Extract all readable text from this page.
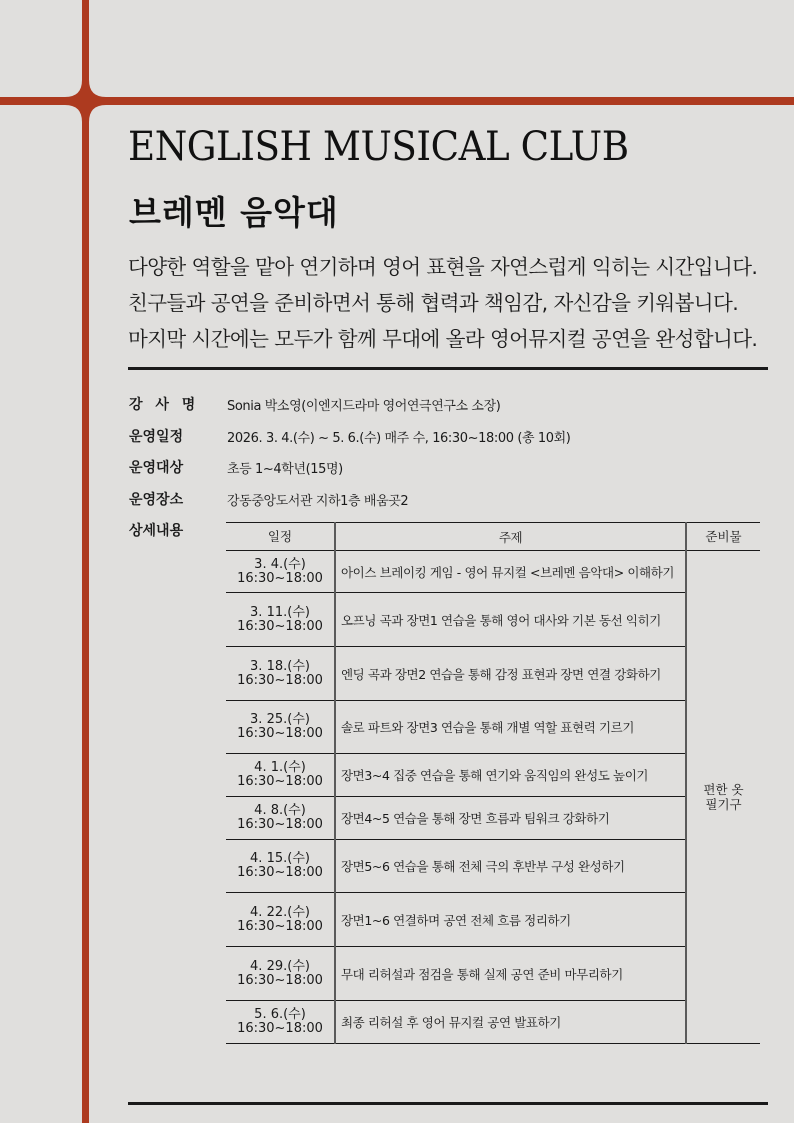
ENGLISH MUSICAL CLUB
브레멘 음악대

다양한 역할을 맡아 연기하며 영어 표현을 자연스럽게 익히는 시간입니다.

친구들과 공연을 준비하면서 통해 협력과 책임감, 자신감을 키워봅니다.

마지막 시간에는 모두가 함께 무대에 올라 영어뮤지컬 공연을 완성합니다.

강 사 명	Sonia 박소영(이엔지드라마 영어연극연구소 소장)
운영일정	2026. 3. 4.(수) ~ 5. 6.(수) 매주 수, 16:30~18:00 (총 10회)
운영대상	초등 1~4학년(15명)
운영장소	강동중앙도서관 지하1층 배움곳2
상세내용	일정	주제	준비물

3. 4.(수)
16:30~18:00	아이스 브레이킹 게임 - 영어 뮤지컬 <브레멘 음악대> 이해하기	편한 옷
필기구

3. 11.(수)
16:30~18:00	오프닝 곡과 장면1 연습을 통해 영어 대사와 기본 동선 익히기	

3. 18.(수)
16:30~18:00	엔딩 곡과 장면2 연습을 통해 감정 표현과 장면 연결 강화하기	

3. 25.(수)
16:30~18:00	솔로 파트와 장면3 연습을 통해 개별 역할 표현력 기르기	

4. 1.(수)
16:30~18:00	장면3~4 집중 연습을 통해 연기와 움직임의 완성도 높이기	

4. 8.(수)
16:30~18:00	장면4~5 연습을 통해 장면 흐름과 팀워크 강화하기	

4. 15.(수)
16:30~18:00	장면5~6 연습을 통해 전체 극의 후반부 구성 완성하기	

4. 22.(수)
16:30~18:00	장면1~6 연결하며 공연 전체 흐름 정리하기	

4. 29.(수)
16:30~18:00	무대 리허설과 점검을 통해 실제 공연 준비 마무리하기	

5. 6.(수)
16:30~18:00	최종 리허설 후 영어 뮤지컬 공연 발표하기	
